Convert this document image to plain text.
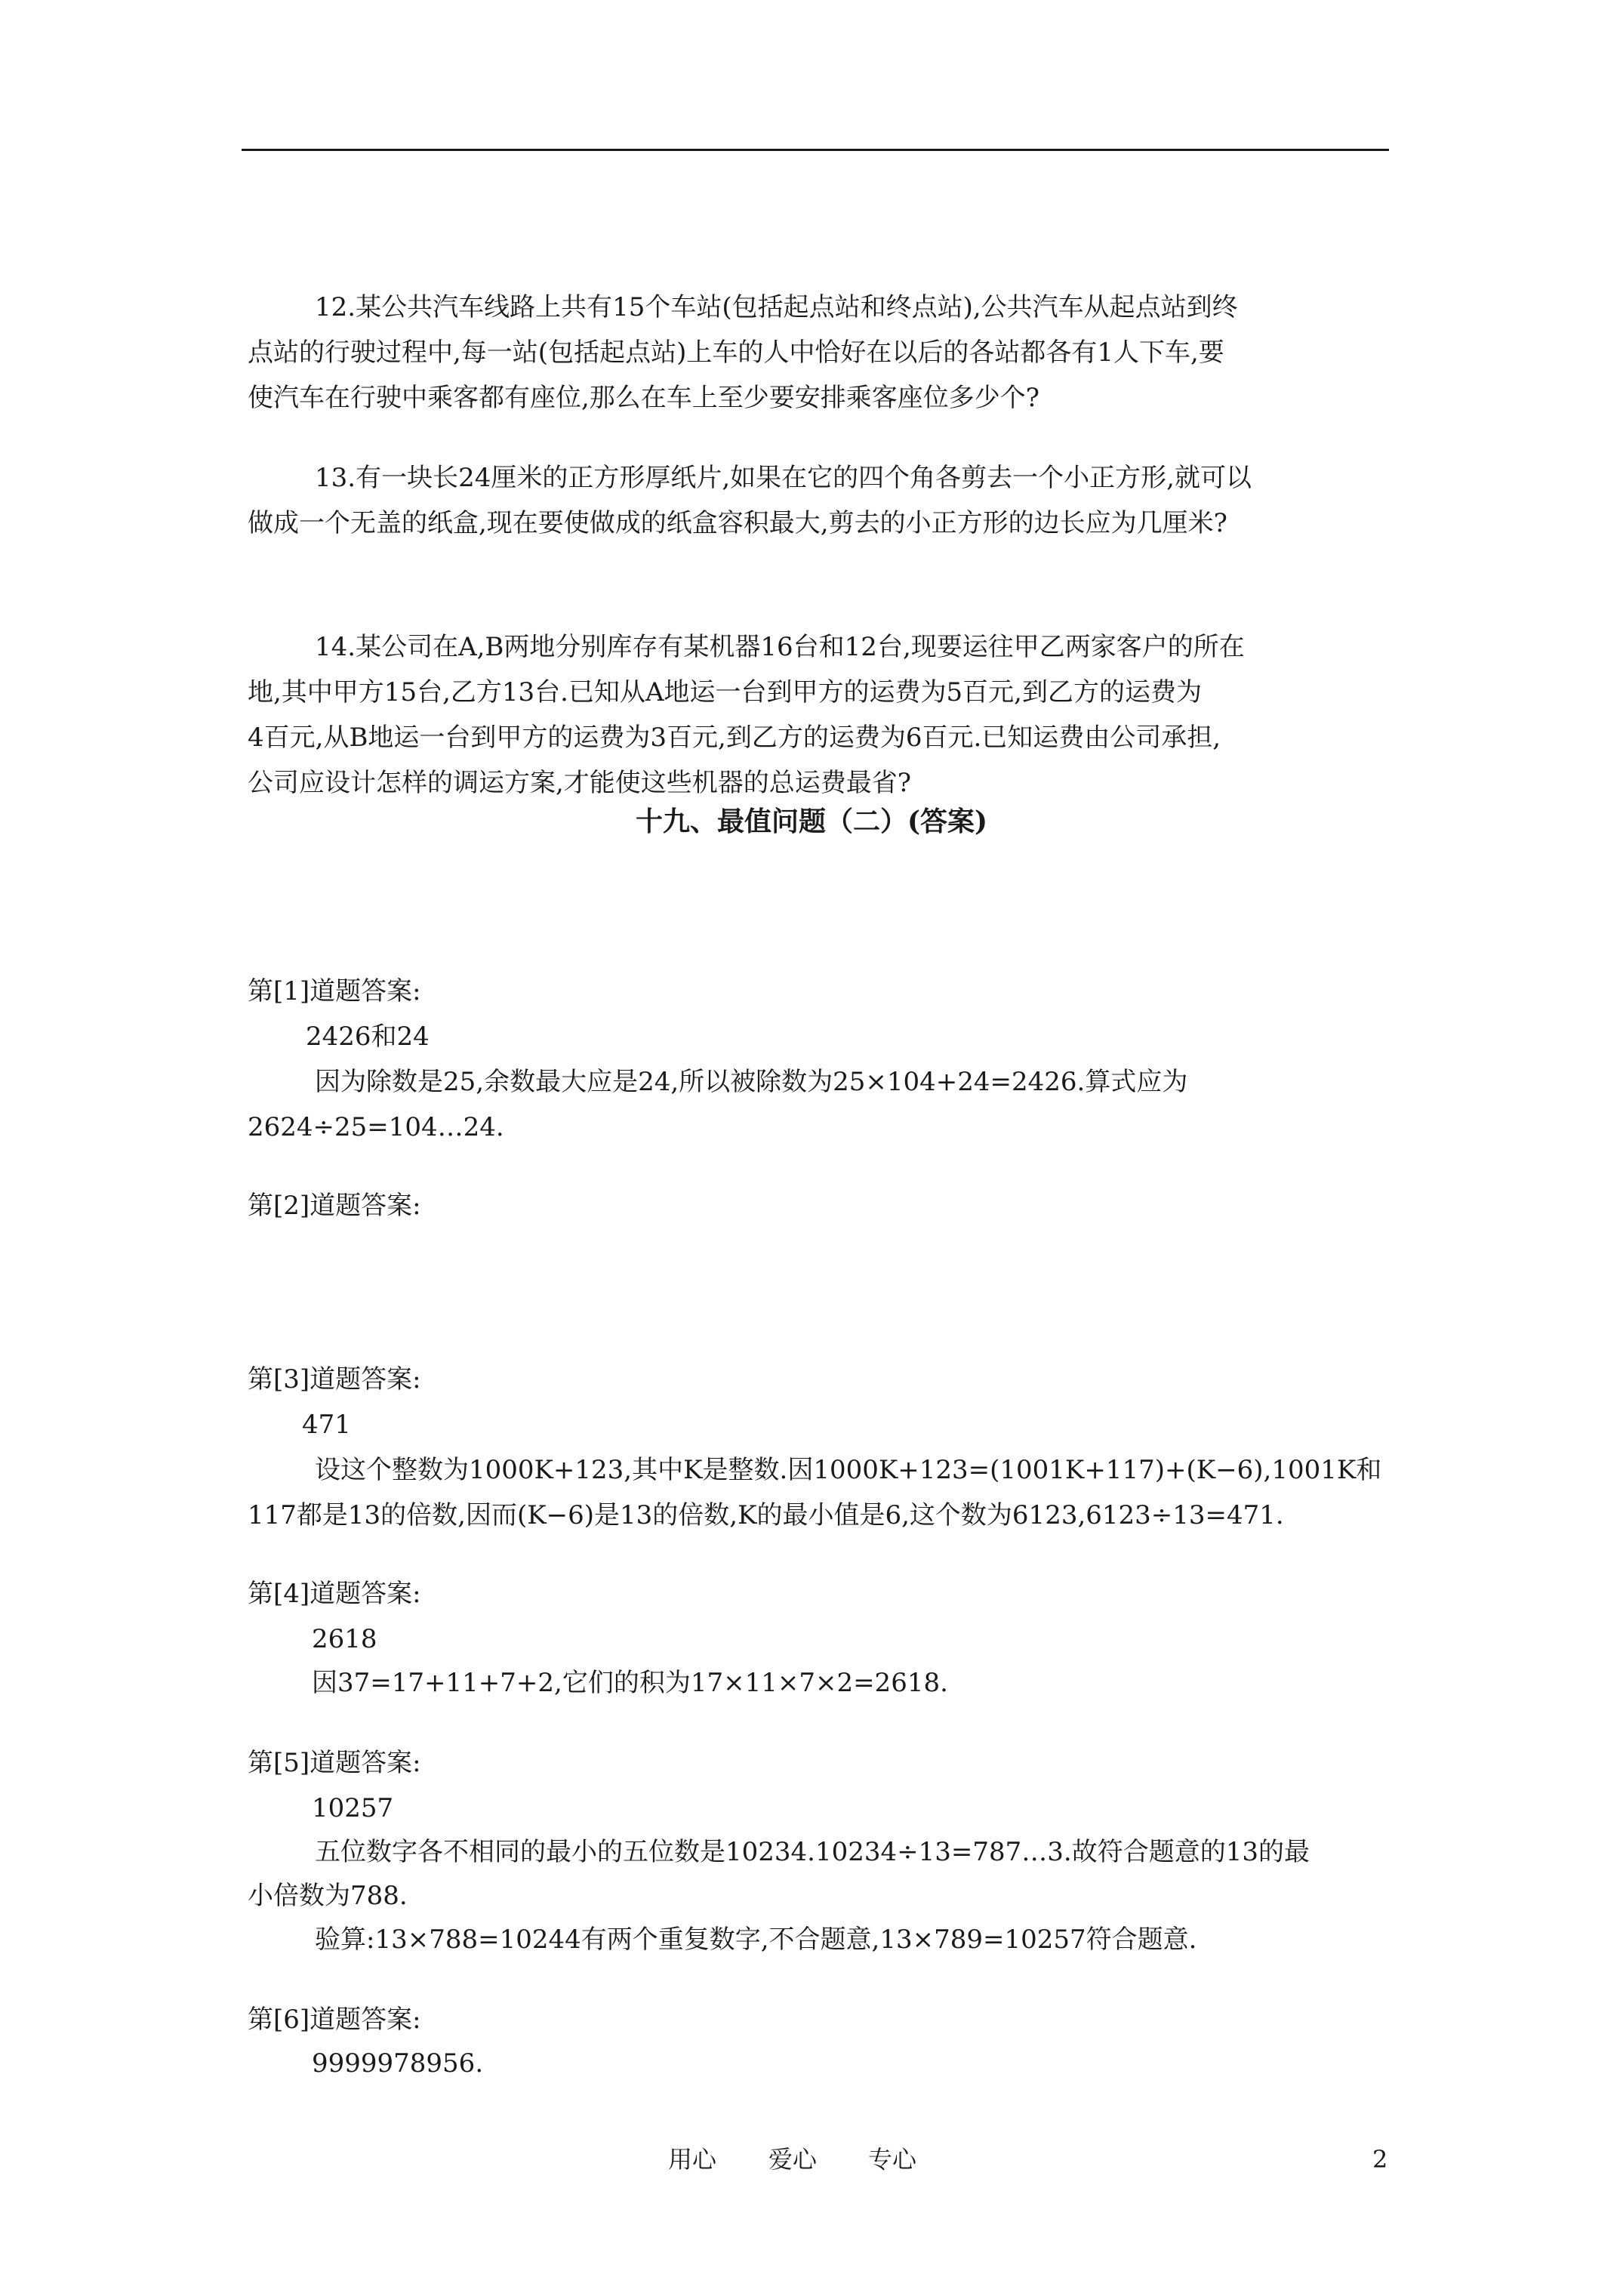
12.某公共汽车线路上共有15个车站(包括起点站和终点站),公共汽车从起点站到终
点站的行驶过程中,每一站(包括起点站)上车的人中恰好在以后的各站都各有1人下车,要
使汽车在行驶中乘客都有座位,那么在车上至少要安排乘客座位多少个?
13.有一块长24厘米的正方形厚纸片,如果在它的四个角各剪去一个小正方形,就可以
做成一个无盖的纸盒,现在要使做成的纸盒容积最大,剪去的小正方形的边长应为几厘米?
14.某公司在A,B两地分别库存有某机器16台和12台,现要运往甲乙两家客户的所在
地,其中甲方15台,乙方13台.已知从A地运一台到甲方的运费为5百元,到乙方的运费为
4百元,从B地运一台到甲方的运费为3百元,到乙方的运费为6百元.已知运费由公司承担,
公司应设计怎样的调运方案,才能使这些机器的总运费最省?
十九、最值问题（二）(答案)
第[1]道题答案:
2426和24
因为除数是25,余数最大应是24,所以被除数为25×104+24=2426.算式应为
2624÷25=104…24.
第[2]道题答案:
第[3]道题答案:
471
设这个整数为1000K+123,其中K是整数.因1000K+123=(1001K+117)+(K−6),1001K和
117都是13的倍数,因而(K−6)是13的倍数,K的最小值是6,这个数为6123,6123÷13=471.
第[4]道题答案:
2618
因37=17+11+7+2,它们的积为17×11×7×2=2618.
第[5]道题答案:
10257
五位数字各不相同的最小的五位数是10234.10234÷13=787…3.故符合题意的13的最
小倍数为788.
验算:13×788=10244有两个重复数字,不合题意,13×789=10257符合题意.
第[6]道题答案:
9999978956.
用心 爱心 专心	2
